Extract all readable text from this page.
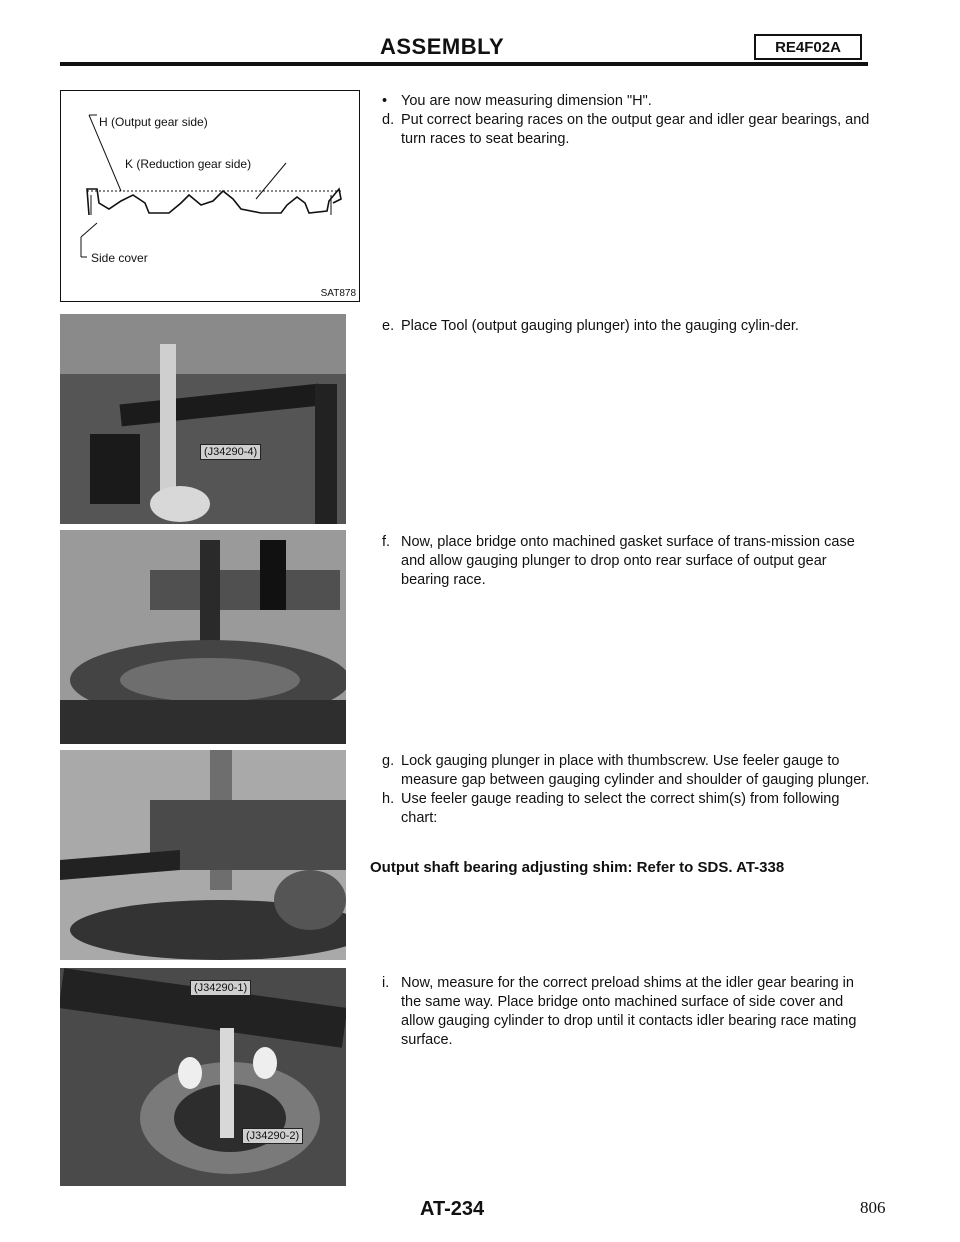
ASSEMBLY	RE4F02A
H (Output gear side)
K (Reduction gear side)
Side cover
SAT878
(J34290-4)
(J34290-1)
(J34290-2)
• You are now measuring dimension "H".
d. Put correct bearing races on the output gear and idler gear bearings, and turn races to seat bearing.
e. Place Tool (output gauging plunger) into the gauging cylin-der.
f. Now, place bridge onto machined gasket surface of trans-mission case and allow gauging plunger to drop onto rear surface of output gear bearing race.
g. Lock gauging plunger in place with thumbscrew. Use feeler gauge to measure gap between gauging cylinder and shoulder of gauging plunger.
h. Use feeler gauge reading to select the correct shim(s) from following chart:
Output shaft bearing adjusting shim: Refer to SDS. AT-338
i. Now, measure for the correct preload shims at the idler gear bearing in the same way. Place bridge onto machined surface of side cover and allow gauging cylinder to drop until it contacts idler bearing race mating surface.
AT-234	806
